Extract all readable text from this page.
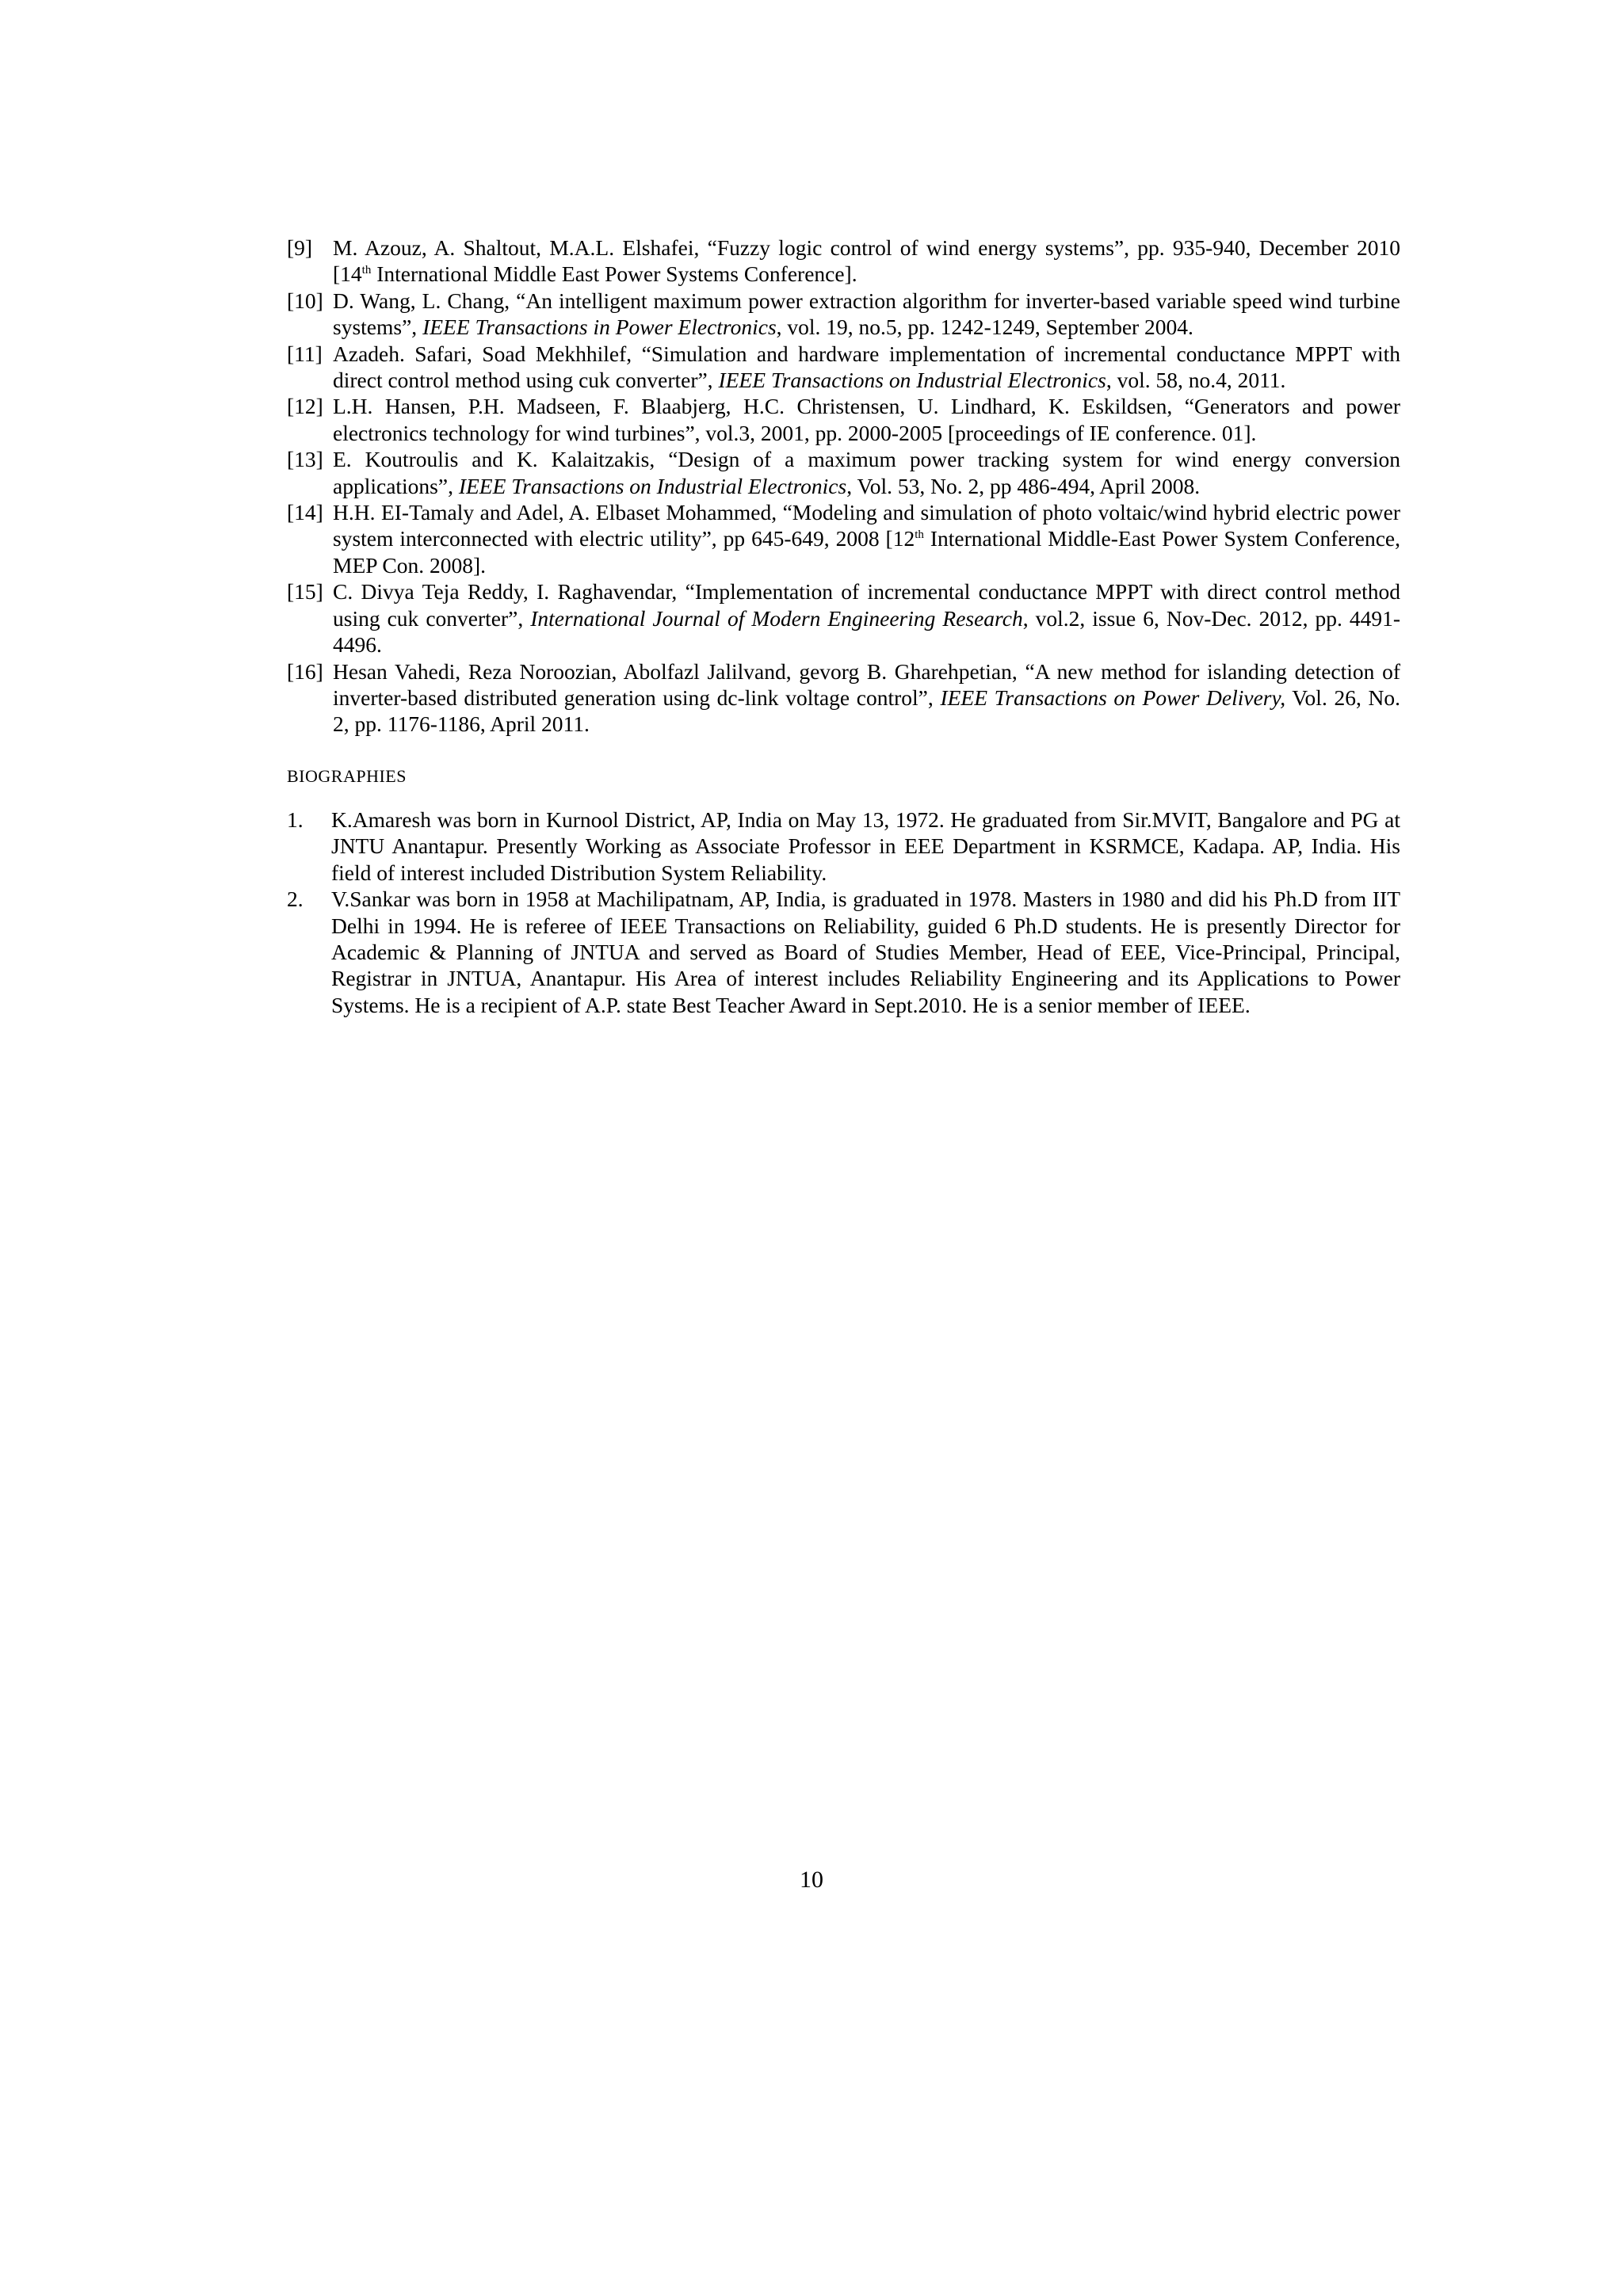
[9] M. Azouz, A. Shaltout, M.A.L. Elshafei, “Fuzzy logic control of wind energy systems”, pp. 935-940, December 2010 [14th International Middle East Power Systems Conference].
[10] D. Wang, L. Chang, “An intelligent maximum power extraction algorithm for inverter-based variable speed wind turbine systems”, IEEE Transactions in Power Electronics, vol. 19, no.5, pp. 1242-1249, September 2004.
[11] Azadeh. Safari, Soad Mekhhilef, “Simulation and hardware implementation of incremental conductance MPPT with direct control method using cuk converter”, IEEE Transactions on Industrial Electronics, vol. 58, no.4, 2011.
[12] L.H. Hansen, P.H. Madseen, F. Blaabjerg, H.C. Christensen, U. Lindhard, K. Eskildsen, “Generators and power electronics technology for wind turbines”, vol.3, 2001, pp. 2000-2005 [proceedings of IE conference. 01].
[13] E. Koutroulis and K. Kalaitzakis, “Design of a maximum power tracking system for wind energy conversion applications”, IEEE Transactions on Industrial Electronics, Vol. 53, No. 2, pp 486-494, April 2008.
[14] H.H. EI-Tamaly and Adel, A. Elbaset Mohammed, “Modeling and simulation of photo voltaic/wind hybrid electric power system interconnected with electric utility”, pp 645-649, 2008 [12th International Middle-East Power System Conference, MEP Con. 2008].
[15] C. Divya Teja Reddy, I. Raghavendar, “Implementation of incremental conductance MPPT with direct control method using cuk converter”, International Journal of Modern Engineering Research, vol.2, issue 6, Nov-Dec. 2012, pp. 4491-4496.
[16] Hesan Vahedi, Reza Noroozian, Abolfazl Jalilvand, gevorg B. Gharehpetian, “A new method for islanding detection of inverter-based distributed generation using dc-link voltage control”, IEEE Transactions on Power Delivery, Vol. 26, No. 2, pp. 1176-1186, April 2011.
BIOGRAPHIES
1. K.Amaresh was born in Kurnool District, AP, India on May 13, 1972. He graduated from Sir.MVIT, Bangalore and PG at JNTU Anantapur. Presently Working as Associate Professor in EEE Department in KSRMCE, Kadapa. AP, India. His field of interest included Distribution System Reliability.
2. V.Sankar was born in 1958 at Machilipatnam, AP, India, is graduated in 1978. Masters in 1980 and did his Ph.D from IIT Delhi in 1994. He is referee of IEEE Transactions on Reliability, guided 6 Ph.D students. He is presently Director for Academic & Planning of JNTUA and served as Board of Studies Member, Head of EEE, Vice-Principal, Principal, Registrar in JNTUA, Anantapur. His Area of interest includes Reliability Engineering and its Applications to Power Systems. He is a recipient of A.P. state Best Teacher Award in Sept.2010. He is a senior member of IEEE.

10
